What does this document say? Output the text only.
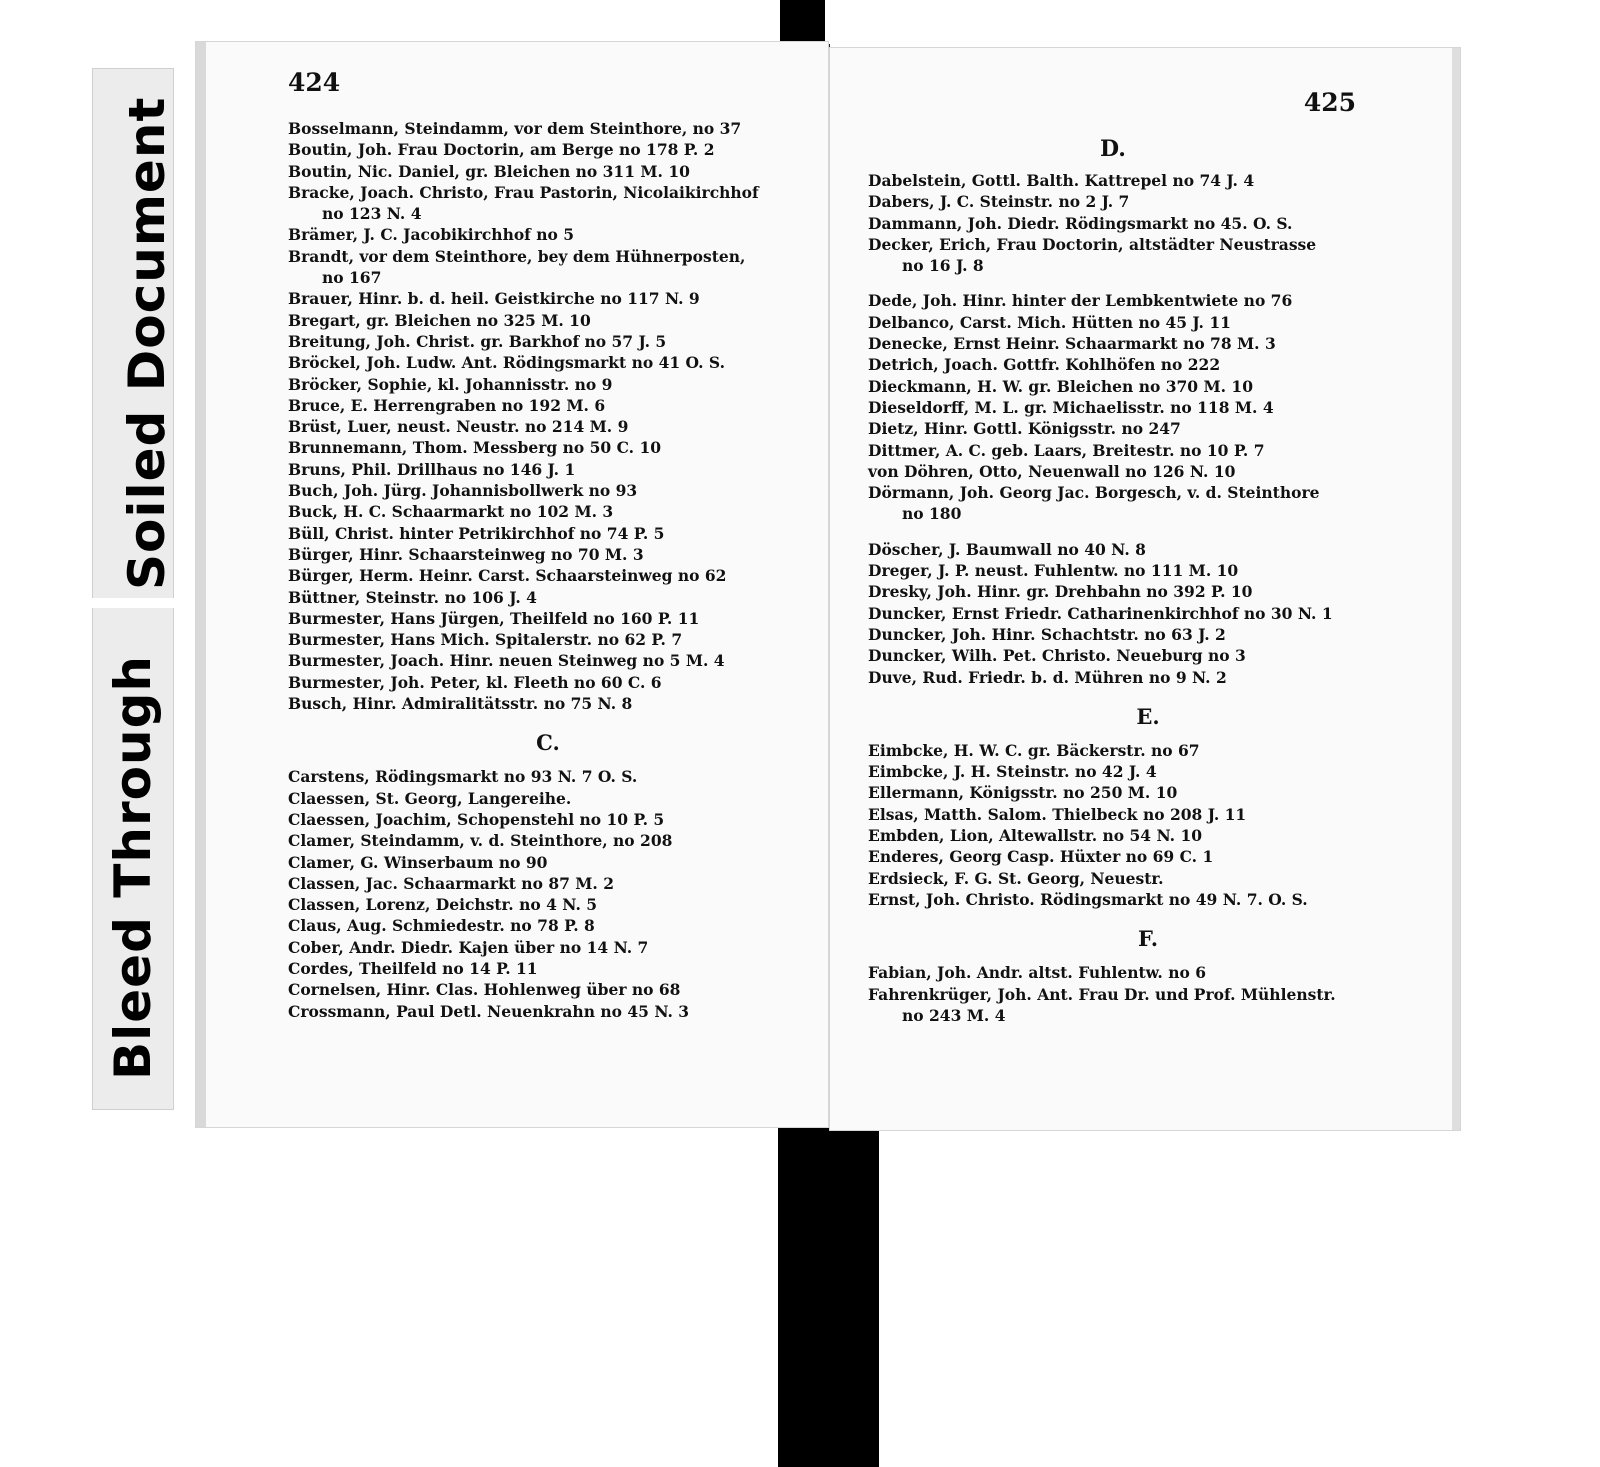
Soiled Document
Bleed Through

424

Bosselmann, Steindamm, vor dem Steinthore, no 37
Boutin, Joh. Frau Doctorin, am Berge no 178 P. 2
Boutin, Nic. Daniel, gr. Bleichen no 311 M. 10
Bracke, Joach. Christo, Frau Pastorin, Nicolaikirchhof
no 123 N. 4
Brämer, J. C. Jacobikirchhof no 5
Brandt, vor dem Steinthore, bey dem Hühnerposten,
no 167
Brauer, Hinr. b. d. heil. Geistkirche no 117 N. 9
Bregart, gr. Bleichen no 325 M. 10
Breitung, Joh. Christ. gr. Barkhof no 57 J. 5
Bröckel, Joh. Ludw. Ant. Rödingsmarkt no 41 O. S.
Bröcker, Sophie, kl. Johannisstr. no 9
Bruce, E. Herrengraben no 192 M. 6
Brüst, Luer, neust. Neustr. no 214 M. 9
Brunnemann, Thom. Messberg no 50 C. 10
Bruns, Phil. Drillhaus no 146 J. 1
Buch, Joh. Jürg. Johannisbollwerk no 93
Buck, H. C. Schaarmarkt no 102 M. 3
Büll, Christ. hinter Petrikirchhof no 74 P. 5
Bürger, Hinr. Schaarsteinweg no 70 M. 3
Bürger, Herm. Heinr. Carst. Schaarsteinweg no 62
Büttner, Steinstr. no 106 J. 4
Burmester, Hans Jürgen, Theilfeld no 160 P. 11
Burmester, Hans Mich. Spitalerstr. no 62 P. 7
Burmester, Joach. Hinr. neuen Steinweg no 5 M. 4
Burmester, Joh. Peter, kl. Fleeth no 60 C. 6
Busch, Hinr. Admiralitätsstr. no 75 N. 8
C.
Carstens, Rödingsmarkt no 93 N. 7 O. S.
Claessen, St. Georg, Langereihe.
Claessen, Joachim, Schopenstehl no 10 P. 5
Clamer, Steindamm, v. d. Steinthore, no 208
Clamer, G. Winserbaum no 90
Classen, Jac. Schaarmarkt no 87 M. 2
Classen, Lorenz, Deichstr. no 4 N. 5
Claus, Aug. Schmiedestr. no 78 P. 8
Cober, Andr. Diedr. Kajen über no 14 N. 7
Cordes, Theilfeld no 14 P. 11
Cornelsen, Hinr. Clas. Hohlenweg über no 68
Crossmann, Paul Detl. Neuenkrahn no 45 N. 3

425

D.

Dabelstein, Gottl. Balth. Kattrepel no 74 J. 4
Dabers, J. C. Steinstr. no 2 J. 7
Dammann, Joh. Diedr. Rödingsmarkt no 45. O. S.
Decker, Erich, Frau Doctorin, altstädter Neustrasse
no 16 J. 8
Dede, Joh. Hinr. hinter der Lembkentwiete no 76
Delbanco, Carst. Mich. Hütten no 45 J. 11
Denecke, Ernst Heinr. Schaarmarkt no 78 M. 3
Detrich, Joach. Gottfr. Kohlhöfen no 222
Dieckmann, H. W. gr. Bleichen no 370 M. 10
Dieseldorff, M. L. gr. Michaelisstr. no 118 M. 4
Dietz, Hinr. Gottl. Königsstr. no 247
Dittmer, A. C. geb. Laars, Breitestr. no 10 P. 7
von Döhren, Otto, Neuenwall no 126 N. 10
Dörmann, Joh. Georg Jac. Borgesch, v. d. Steinthore
no 180
Döscher, J. Baumwall no 40 N. 8
Dreger, J. P. neust. Fuhlentw. no 111 M. 10
Dresky, Joh. Hinr. gr. Drehbahn no 392 P. 10
Duncker, Ernst Friedr. Catharinenkirchhof no 30 N. 1
Duncker, Joh. Hinr. Schachtstr. no 63 J. 2
Duncker, Wilh. Pet. Christo. Neueburg no 3
Duve, Rud. Friedr. b. d. Mühren no 9 N. 2
E.
Eimbcke, H. W. C. gr. Bäckerstr. no 67
Eimbcke, J. H. Steinstr. no 42 J. 4
Ellermann, Königsstr. no 250 M. 10
Elsas, Matth. Salom. Thielbeck no 208 J. 11
Embden, Lion, Altewallstr. no 54 N. 10
Enderes, Georg Casp. Hüxter no 69 C. 1
Erdsieck, F. G. St. Georg, Neuestr.
Ernst, Joh. Christo. Rödingsmarkt no 49 N. 7. O. S.
F.
Fabian, Joh. Andr. altst. Fuhlentw. no 6
Fahrenkrüger, Joh. Ant. Frau Dr. und Prof. Mühlenstr.
no 243 M. 4
